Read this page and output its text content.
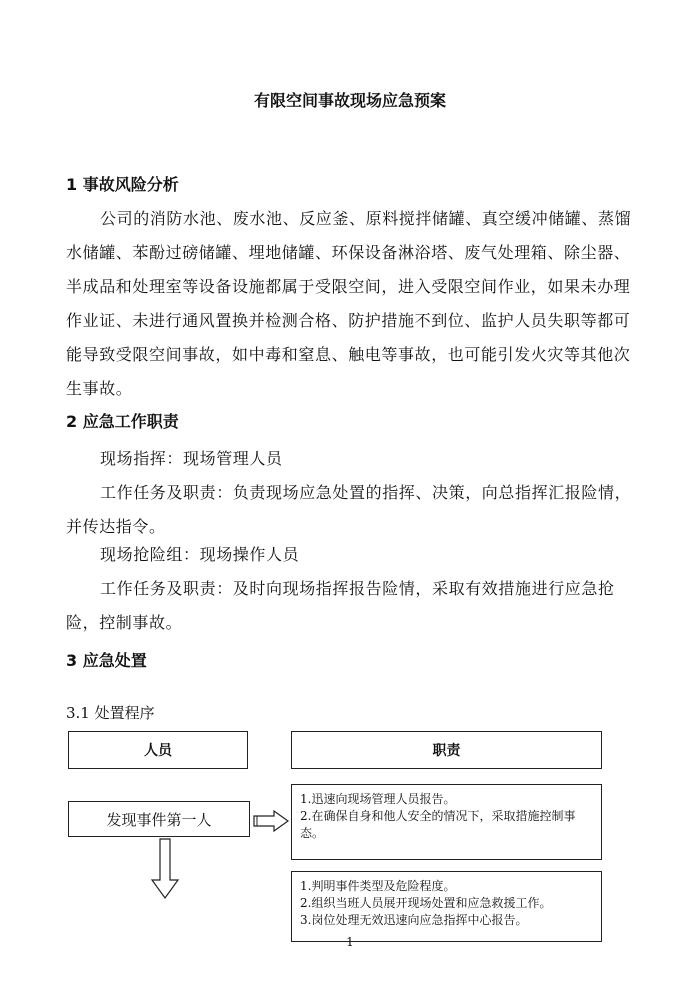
有限空间事故现场应急预案
1 事故风险分析
公司的消防水池、废水池、反应釜、原料搅拌储罐、真空缓冲储罐、蒸馏水储罐、苯酚过磅储罐、埋地储罐、环保设备淋浴塔、废气处理箱、除尘器、半成品和处理室等设备设施都属于受限空间，进入受限空间作业，如果未办理作业证、未进行通风置换并检测合格、防护措施不到位、监护人员失职等都可能导致受限空间事故，如中毒和窒息、触电等事故，也可能引发火灾等其他次生事故。
2 应急工作职责
现场指挥：现场管理人员
工作任务及职责：负责现场应急处置的指挥、决策，向总指挥汇报险情，并传达指令。
现场抢险组：现场操作人员
工作任务及职责：及时向现场指挥报告险情，采取有效措施进行应急抢险，控制事故。
3 应急处置
3.1 处置程序
人员	职责
发现事件第一人
1.迅速向现场管理人员报告。
2.在确保自身和他人安全的情况下，采取措施控制事态。
1.判明事件类型及危险程度。
2.组织当班人员展开现场处置和应急救援工作。
3.岗位处理无效迅速向应急指挥中心报告。
1
